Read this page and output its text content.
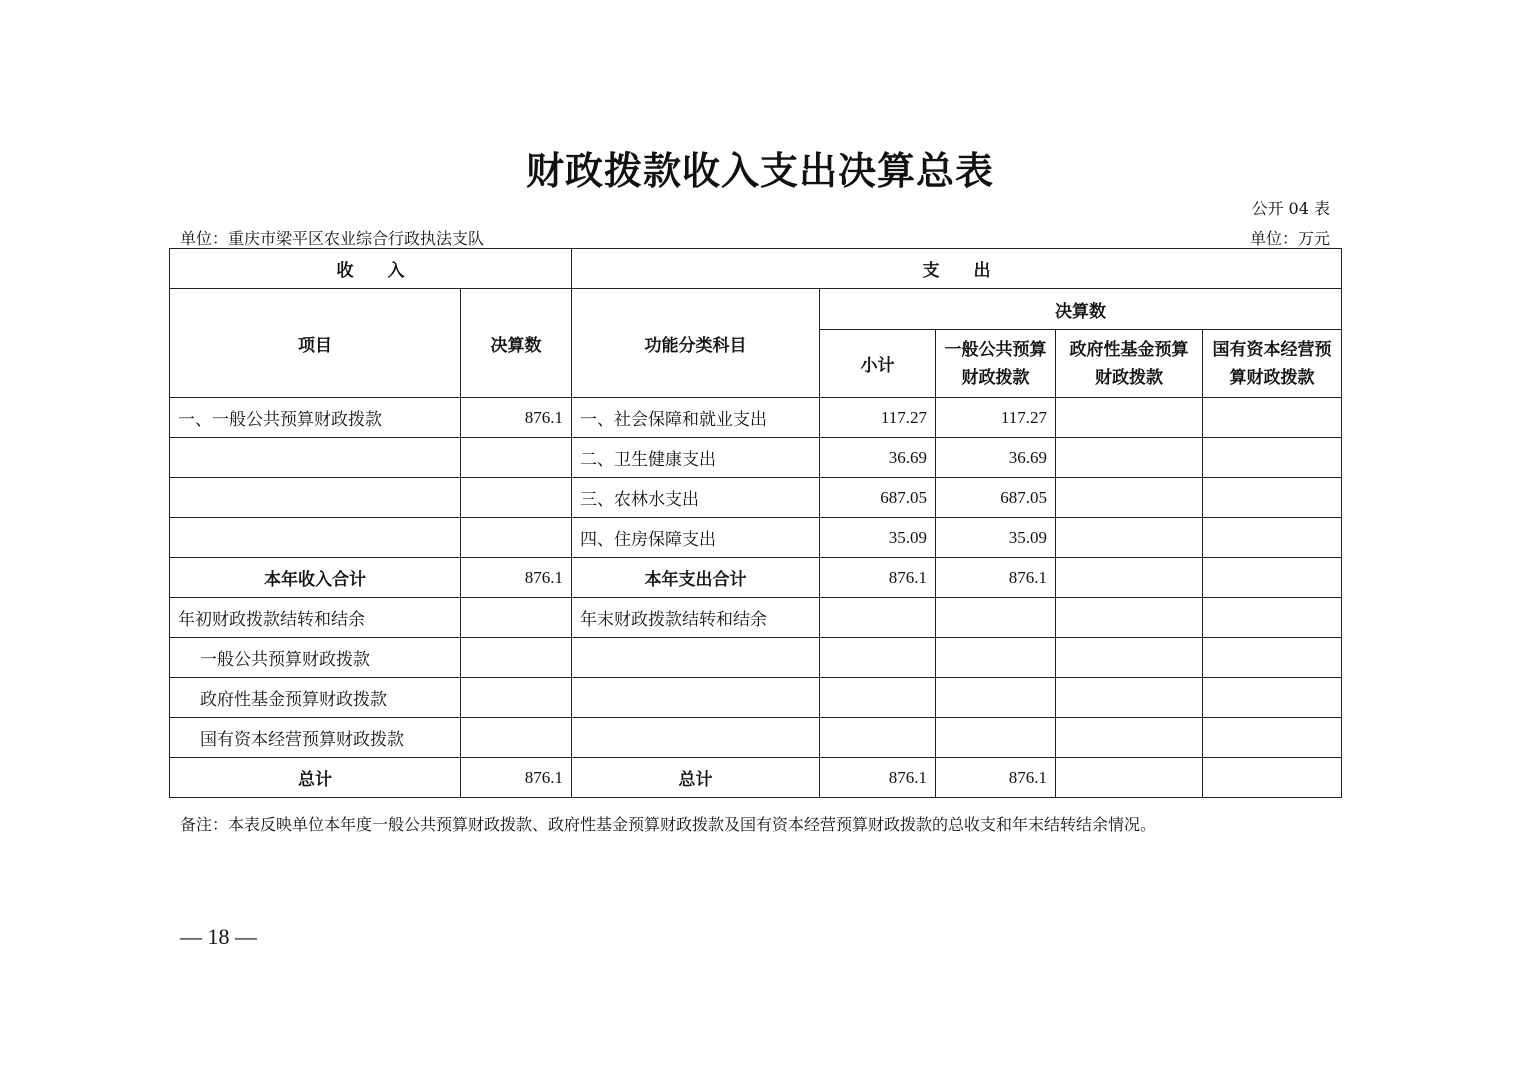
财政拨款收入支出决算总表
公开 04 表
单位：重庆市梁平区农业综合行政执法支队	单位：万元
收　　入		支　　出				
项目	决算数	功能分类科目	决算数			
			小计	一般公共预算财政拨款	政府性基金预算财政拨款	国有资本经营预算财政拨款
一、一般公共预算财政拨款	876.1	一、社会保障和就业支出	117.27	117.27		
		二、卫生健康支出	36.69	36.69		
		三、农林水支出	687.05	687.05		
		四、住房保障支出	35.09	35.09		
本年收入合计	876.1	本年支出合计	876.1	876.1		
年初财政拨款结转和结余		年末财政拨款结转和结余				
一般公共预算财政拨款						
政府性基金预算财政拨款						
国有资本经营预算财政拨款						
总计	876.1	总计	876.1	876.1		
备注：本表反映单位本年度一般公共预算财政拨款、政府性基金预算财政拨款及国有资本经营预算财政拨款的总收支和年末结转结余情况。
— 18 —
